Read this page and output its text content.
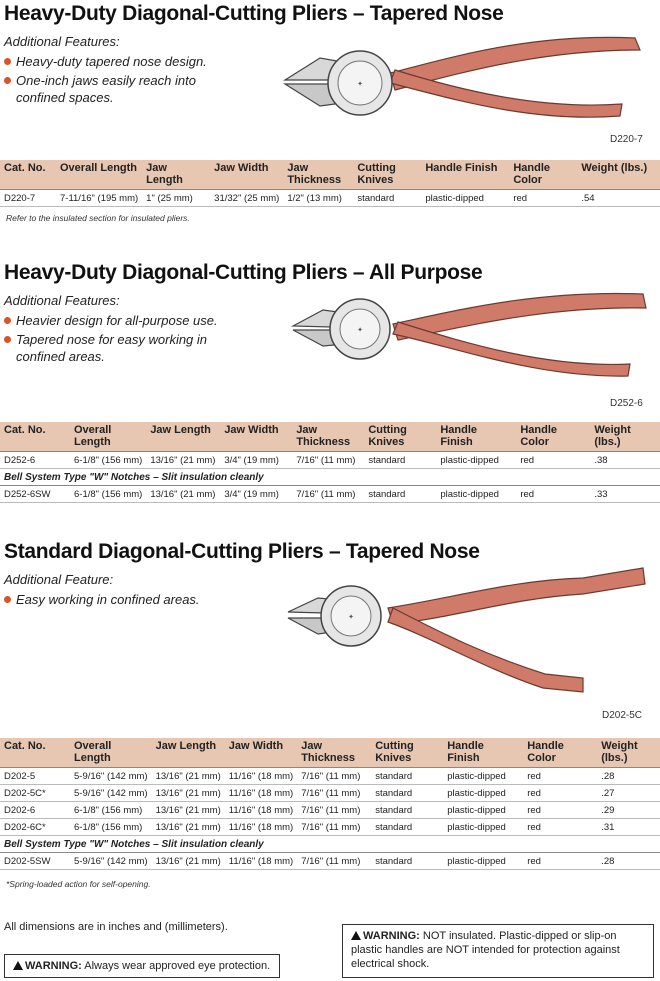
Heavy-Duty Diagonal-Cutting Pliers – Tapered Nose
Additional Features:
Heavy-duty tapered nose design.
One-inch jaws easily reach into
confined spaces.
✦
D220-7
Cat. No.	Overall Length	Jaw Length	Jaw Width	Jaw Thickness	Cutting Knives	Handle Finish	Handle Color	Weight (lbs.)
D220-7	7-11/16" (195 mm)	1" (25 mm)	31/32" (25 mm)	1/2" (13 mm)	standard	plastic-dipped	red	.54
Refer to the insulated section for insulated pliers.
Heavy-Duty Diagonal-Cutting Pliers – All Purpose
Additional Features:
Heavier design for all-purpose use.
Tapered nose for easy working in
confined areas.
✦
D252-6
Cat. No.	Overall Length	Jaw Length	Jaw Width	Jaw Thickness	Cutting Knives	Handle Finish	Handle Color	Weight (lbs.)
D252-6	6-1/8" (156 mm)	13/16" (21 mm)	3/4" (19 mm)	7/16" (11 mm)	standard	plastic-dipped	red	.38
Bell System Type "W" Notches – Slit insulation cleanly								
D252-6SW	6-1/8" (156 mm)	13/16" (21 mm)	3/4" (19 mm)	7/16" (11 mm)	standard	plastic-dipped	red	.33
Standard Diagonal-Cutting Pliers – Tapered Nose
Additional Feature:
Easy working in confined areas.
✦
D202-5C
Cat. No.	Overall Length	Jaw Length	Jaw Width	Jaw Thickness	Cutting Knives	Handle Finish	Handle Color	Weight (lbs.)
D202-5	5-9/16" (142 mm)	13/16" (21 mm)	11/16" (18 mm)	7/16" (11 mm)	standard	plastic-dipped	red	.28
D202-5C*	5-9/16" (142 mm)	13/16" (21 mm)	11/16" (18 mm)	7/16" (11 mm)	standard	plastic-dipped	red	.27
D202-6	6-1/8" (156 mm)	13/16" (21 mm)	11/16" (18 mm)	7/16" (11 mm)	standard	plastic-dipped	red	.29
D202-6C*	6-1/8" (156 mm)	13/16" (21 mm)	11/16" (18 mm)	7/16" (11 mm)	standard	plastic-dipped	red	.31
Bell System Type "W" Notches – Slit insulation cleanly								
D202-5SW	5-9/16" (142 mm)	13/16" (21 mm)	11/16" (18 mm)	7/16" (11 mm)	standard	plastic-dipped	red	.28
*Spring-loaded action for self-opening.
All dimensions are in inches and (millimeters).
WARNING: Always wear approved eye protection.
WARNING: NOT insulated. Plastic-dipped or slip-on plastic handles are NOT intended for protection against electrical shock.
